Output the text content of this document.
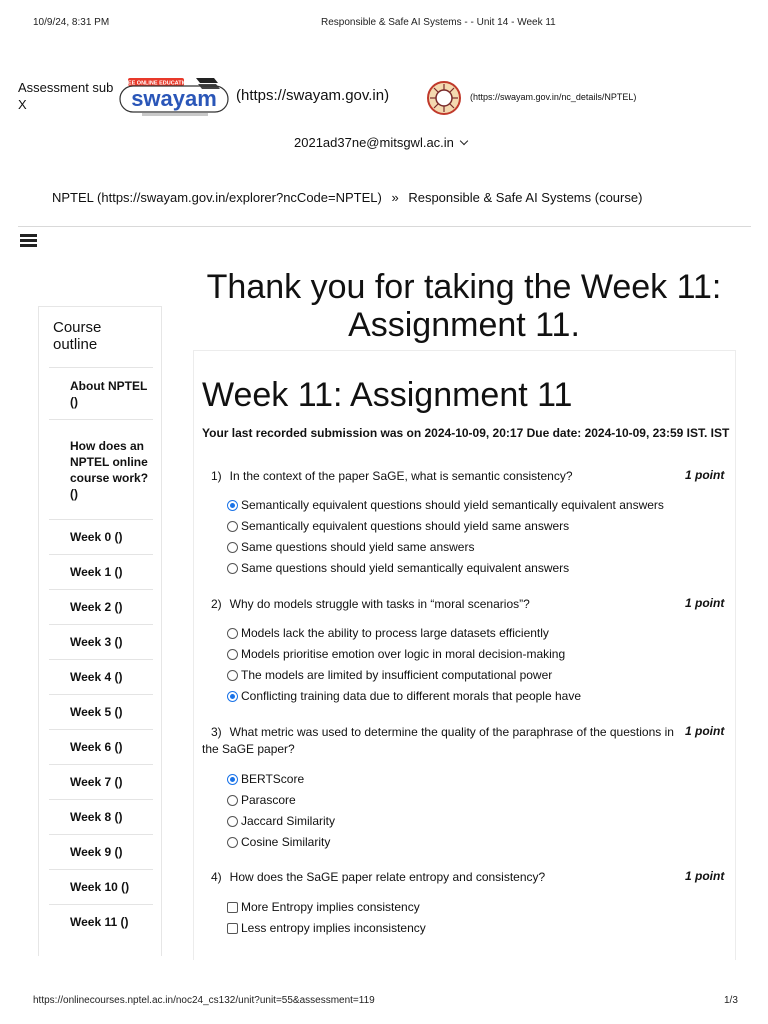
10/9/24, 8:31 PM	Responsible & Safe AI Systems - - Unit 14 - Week 11
Assessment sub
X
FREE ONLINE EDUCATION
swayam (https://swayam.gov.in)	(https://swayam.gov.in/nc_details/NPTEL)
2021ad37ne@mitsgwl.ac.in
NPTEL (https://swayam.gov.in/explorer?ncCode=NPTEL) » Responsible & Safe AI Systems (course)
Thank you for taking the Week 11: Assignment 11.
Course outline
About NPTEL ()
How does an NPTEL online course work? ()
Week 0 ()
Week 1 ()
Week 2 ()
Week 3 ()
Week 4 ()
Week 5 ()
Week 6 ()
Week 7 ()
Week 8 ()
Week 9 ()
Week 10 ()
Week 11 ()
Week 11: Assignment 11
Your last recorded submission was on 2024-10-09, 20:17 Due date: 2024-10-09, 23:59 IST. IST
1) In the context of the paper SaGE, what is semantic consistency?	1 point
Semantically equivalent questions should yield semantically equivalent answers
Semantically equivalent questions should yield same answers
Same questions should yield same answers
Same questions should yield semantically equivalent answers
2) Why do models struggle with tasks in “moral scenarios”?	1 point
Models lack the ability to process large datasets efficiently
Models prioritise emotion over logic in moral decision-making
The models are limited by insufficient computational power
Conflicting training data due to different morals that people have
3) What metric was used to determine the quality of the paraphrase of the questions in the SaGE paper?
1 point
BERTScore
Parascore
Jaccard Similarity
Cosine Similarity
4) How does the SaGE paper relate entropy and consistency?	1 point
More Entropy implies consistency
Less entropy implies inconsistency
https://onlinecourses.nptel.ac.in/noc24_cs132/unit?unit=55&assessment=119	1/3
